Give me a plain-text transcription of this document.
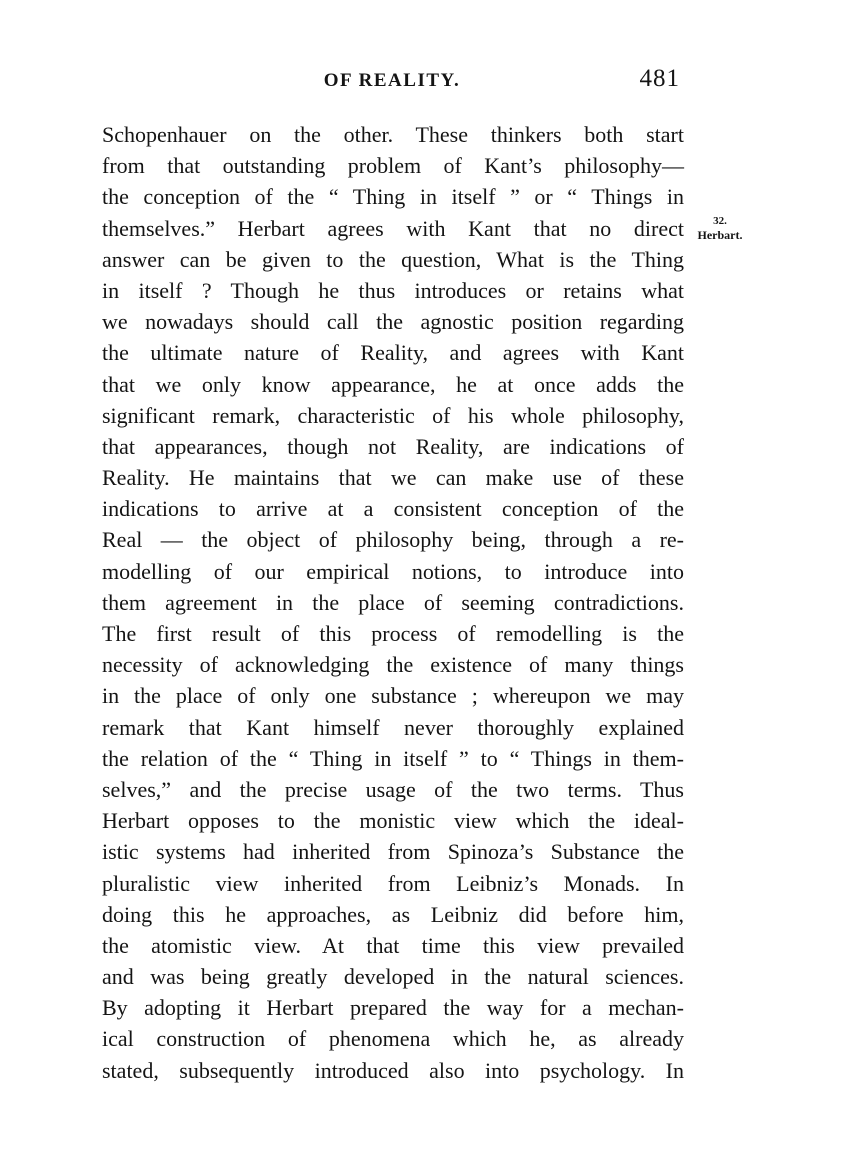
OF REALITY.	481
32.
Herbart.
Schopenhauer on the other. These thinkers both start
from that outstanding problem of Kant’s philosophy—
the conception of the “ Thing in itself ” or “ Things in
themselves.” Herbart agrees with Kant that no direct
answer can be given to the question, What is the Thing
in itself ? Though he thus introduces or retains what
we nowadays should call the agnostic position regarding
the ultimate nature of Reality, and agrees with Kant
that we only know appearance, he at once adds the
significant remark, characteristic of his whole philosophy,
that appearances, though not Reality, are indications of
Reality. He maintains that we can make use of these
indications to arrive at a consistent conception of the
Real — the object of philosophy being, through a re-
modelling of our empirical notions, to introduce into
them agreement in the place of seeming contradictions.
The first result of this process of remodelling is the
necessity of acknowledging the existence of many things
in the place of only one substance ; whereupon we may
remark that Kant himself never thoroughly explained
the relation of the “ Thing in itself ” to “ Things in them-
selves,” and the precise usage of the two terms. Thus
Herbart opposes to the monistic view which the ideal-
istic systems had inherited from Spinoza’s Substance the
pluralistic view inherited from Leibniz’s Monads. In
doing this he approaches, as Leibniz did before him,
the atomistic view. At that time this view prevailed
and was being greatly developed in the natural sciences.
By adopting it Herbart prepared the way for a mechan-
ical construction of phenomena which he, as already
stated, subsequently introduced also into psychology. In
